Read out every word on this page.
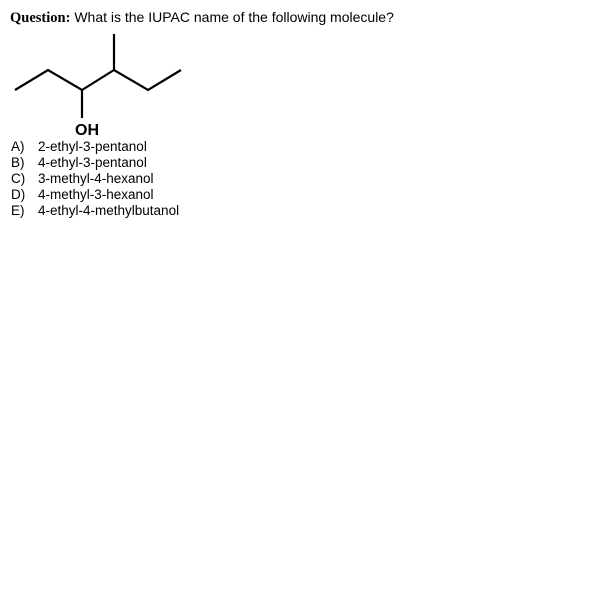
Question: What is the IUPAC name of the following molecule?
OH
A)	2-ethyl-3-pentanol
B)	4-ethyl-3-pentanol
C) 3-methyl-4-hexanol
D) 4-methyl-3-hexanol
E)	4-ethyl-4-methylbutanol
